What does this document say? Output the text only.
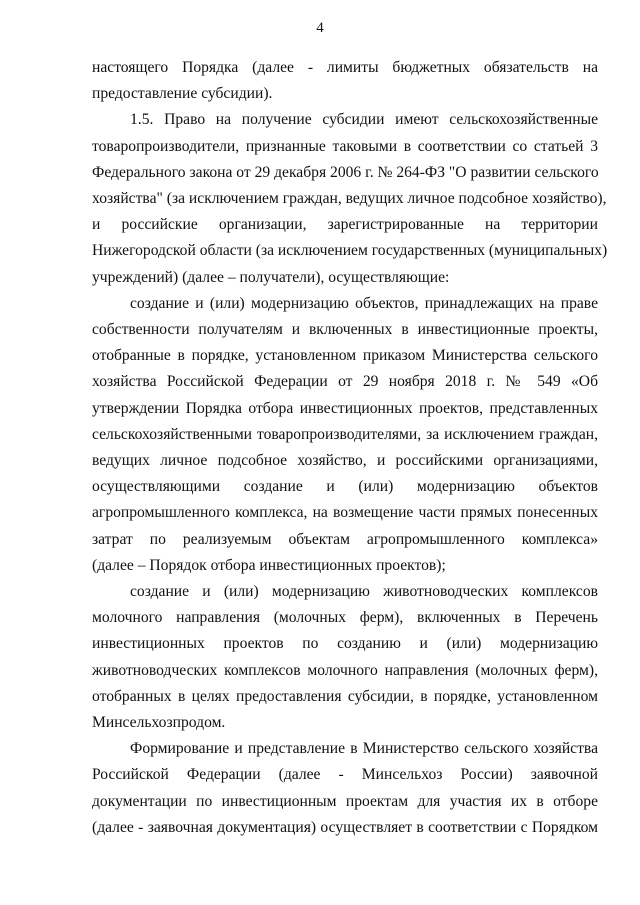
4

настоящего Порядка (далее - лимиты бюджетных обязательств на
предоставление субсидии).

1.5. Право на получение субсидии имеют сельскохозяйственные
товаропроизводители, признанные таковыми в соответствии со статьей 3
Федерального закона от 29 декабря 2006 г. № 264-ФЗ "О развитии сельского
хозяйства" (за исключением граждан, ведущих личное подсобное хозяйство),
и российские организации, зарегистрированные на территории
Нижегородской области (за исключением государственных (муниципальных)
учреждений) (далее – получатели), осуществляющие:

создание и (или) модернизацию объектов, принадлежащих на праве
собственности получателям и включенных в инвестиционные проекты,
отобранные в порядке, установленном приказом Министерства сельского
хозяйства Российской Федерации от 29 ноября 2018 г. № 549 «Об
утверждении Порядка отбора инвестиционных проектов, представленных
сельскохозяйственными товаропроизводителями, за исключением граждан,
ведущих личное подсобное хозяйство, и российскими организациями,
осуществляющими создание и (или) модернизацию объектов
агропромышленного комплекса, на возмещение части прямых понесенных
затрат по реализуемым объектам агропромышленного комплекса»
(далее – Порядок отбора инвестиционных проектов);

создание и (или) модернизацию животноводческих комплексов
молочного направления (молочных ферм), включенных в Перечень
инвестиционных проектов по созданию и (или) модернизацию
животноводческих комплексов молочного направления (молочных ферм),
отобранных в целях предоставления субсидии, в порядке, установленном
Минсельхозпродом.

Формирование и представление в Министерство сельского хозяйства
Российской Федерации (далее - Минсельхоз России) заявочной
документации по инвестиционным проектам для участия их в отборе
(далее - заявочная документация) осуществляет в соответствии с Порядком
